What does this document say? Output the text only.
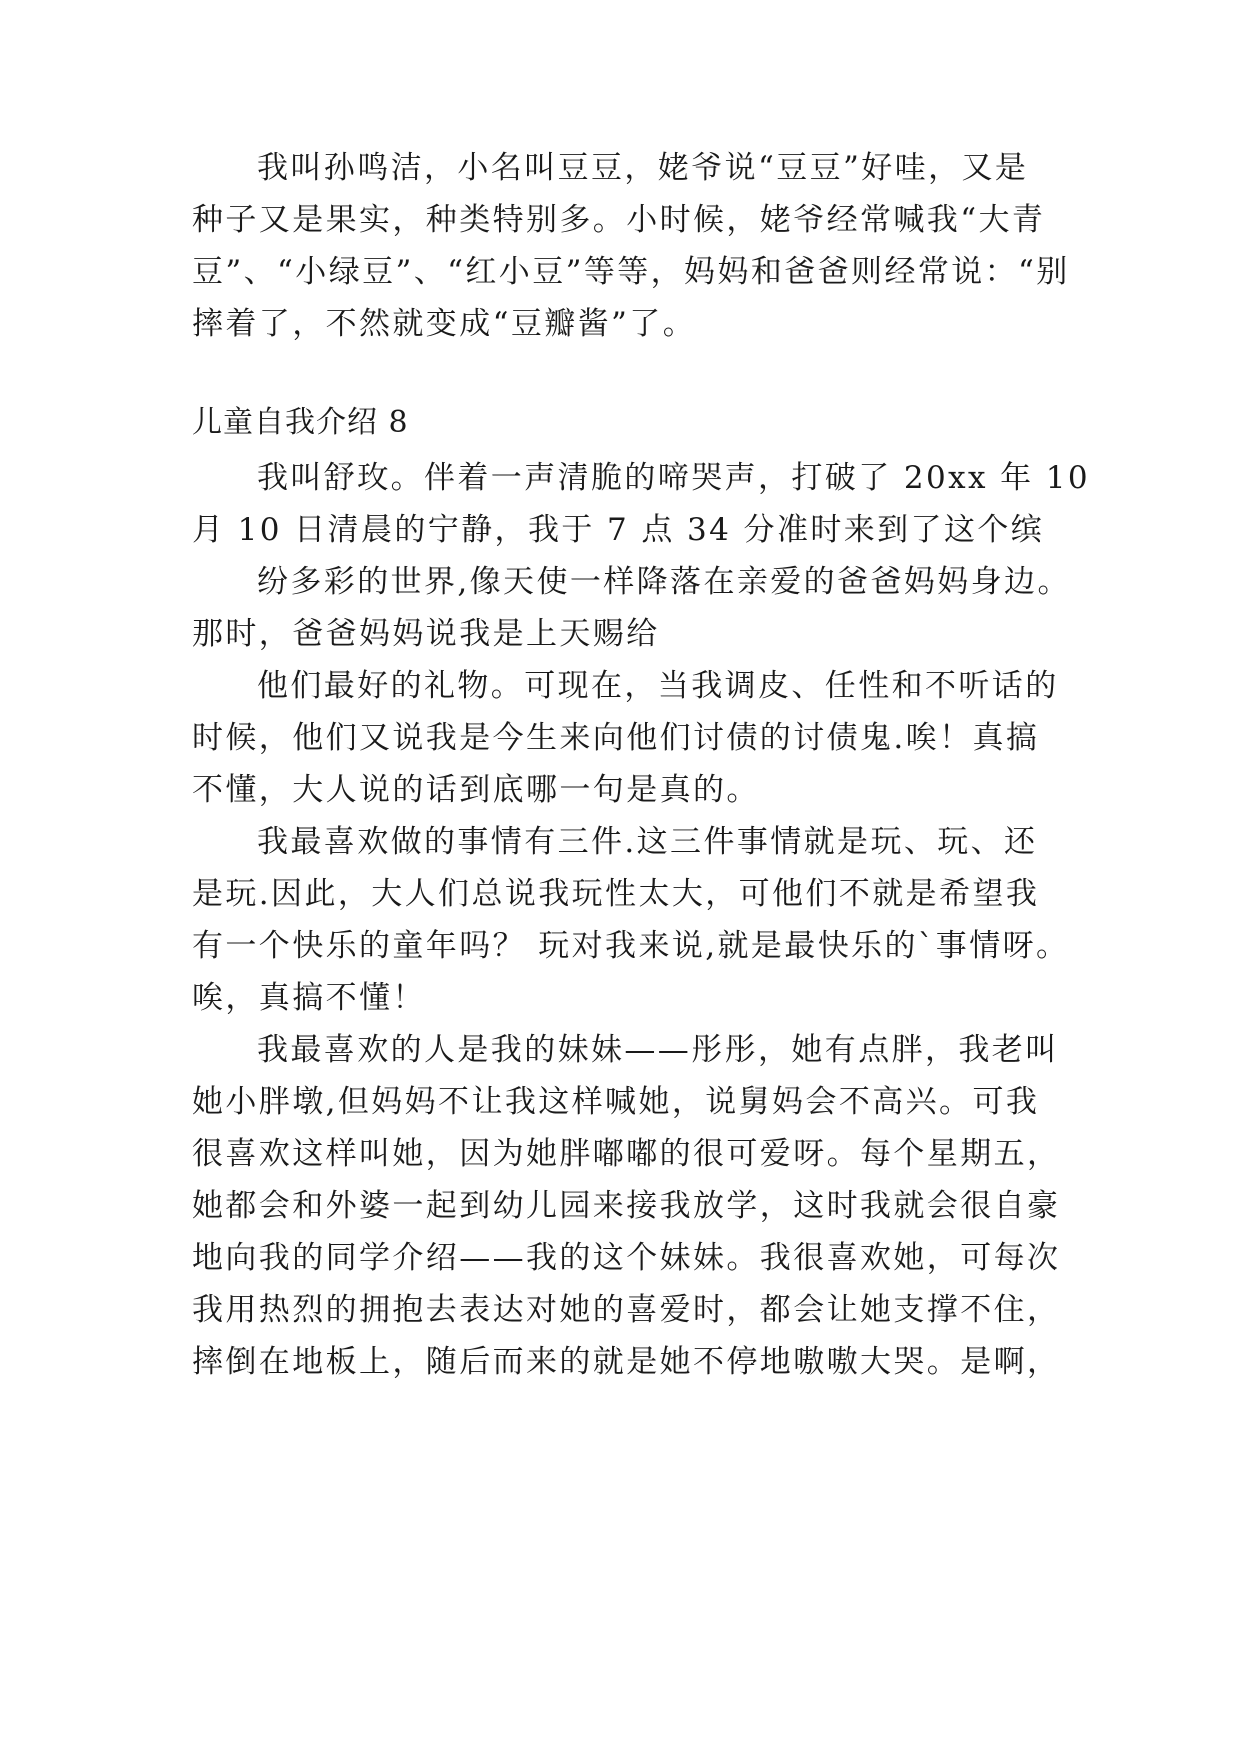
我叫孙鸣洁，小名叫豆豆，姥爷说“豆豆”好哇，又是
种子又是果实，种类特别多。小时候，姥爷经常喊我“大青
豆”、“小绿豆”、“红小豆”等等，妈妈和爸爸则经常说：“别
摔着了，不然就变成“豆瓣酱”了。
儿童自我介绍 8
我叫舒玫。伴着一声清脆的啼哭声，打破了 20xx 年 10
月 10 日清晨的宁静，我于 7 点 34 分准时来到了这个缤
纷多彩的世界,像天使一样降落在亲爱的爸爸妈妈身边。
那时，爸爸妈妈说我是上天赐给
他们最好的礼物。可现在，当我调皮、任性和不听话的
时候，他们又说我是今生来向他们讨债的讨债鬼.唉！真搞
不懂，大人说的话到底哪一句是真的。
我最喜欢做的事情有三件.这三件事情就是玩、玩、还
是玩.因此，大人们总说我玩性太大，可他们不就是希望我
有一个快乐的童年吗？ 玩对我来说,就是最快乐的`事情呀。
唉，真搞不懂！
我最喜欢的人是我的妹妹——彤彤，她有点胖，我老叫
她小胖墩,但妈妈不让我这样喊她，说舅妈会不高兴。可我
很喜欢这样叫她，因为她胖嘟嘟的很可爱呀。每个星期五，
她都会和外婆一起到幼儿园来接我放学，这时我就会很自豪
地向我的同学介绍——我的这个妹妹。我很喜欢她，可每次
我用热烈的拥抱去表达对她的喜爱时，都会让她支撑不住，
摔倒在地板上，随后而来的就是她不停地嗷嗷大哭。是啊，
